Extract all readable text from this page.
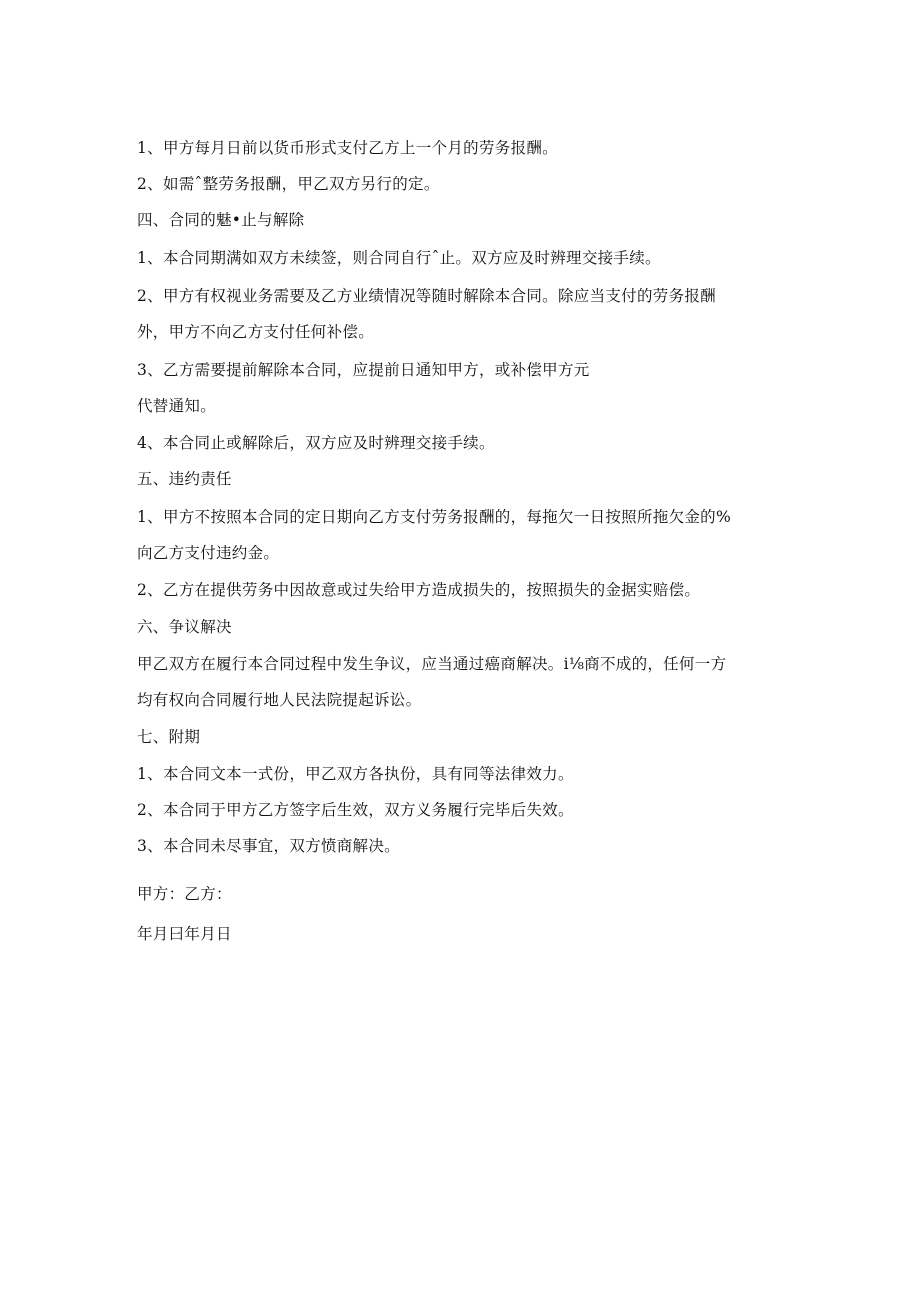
1、甲方每月日前以货币形式支付乙方上一个月的劳务报酬。

2、如需ˆ整劳务报酬，甲乙双方另行的定。

四、合同的魅•止与解除

1、本合同期满如双方未续签，则合同自行ˆ止。双方应及时辨理交接手续。

2、甲方有权视业务需要及乙方业绩情况等随时解除本合同。除应当支付的劳务报酬

外，甲方不向乙方支付任何补偿。

3、乙方需要提前解除本合同，应提前日通知甲方，或补偿甲方元

代替通知。

4、本合同止或解除后，双方应及时辨理交接手续。

五、违约责任

1、甲方不按照本合同的定日期向乙方支付劳务报酬的，每拖欠一日按照所拖欠金的%

向乙方支付违约金。

2、乙方在提供劳务中因故意或过失给甲方造成损失的，按照损失的金据实赔偿。

六、争议解决

甲乙双方在履行本合同过程中发生争议，应当通过癌商解决。i⅛商不成的，任何一方

均有权向合同履行地人民法院提起诉讼。

七、附期

1、本合同文本一式份，甲乙双方各执份，具有同等法律效力。

2、本合同于甲方乙方签字后生效，双方义务履行完毕后失效。

3、本合同未尽事宜，双方愤商解决。

甲方：乙方：

年月曰年月日
